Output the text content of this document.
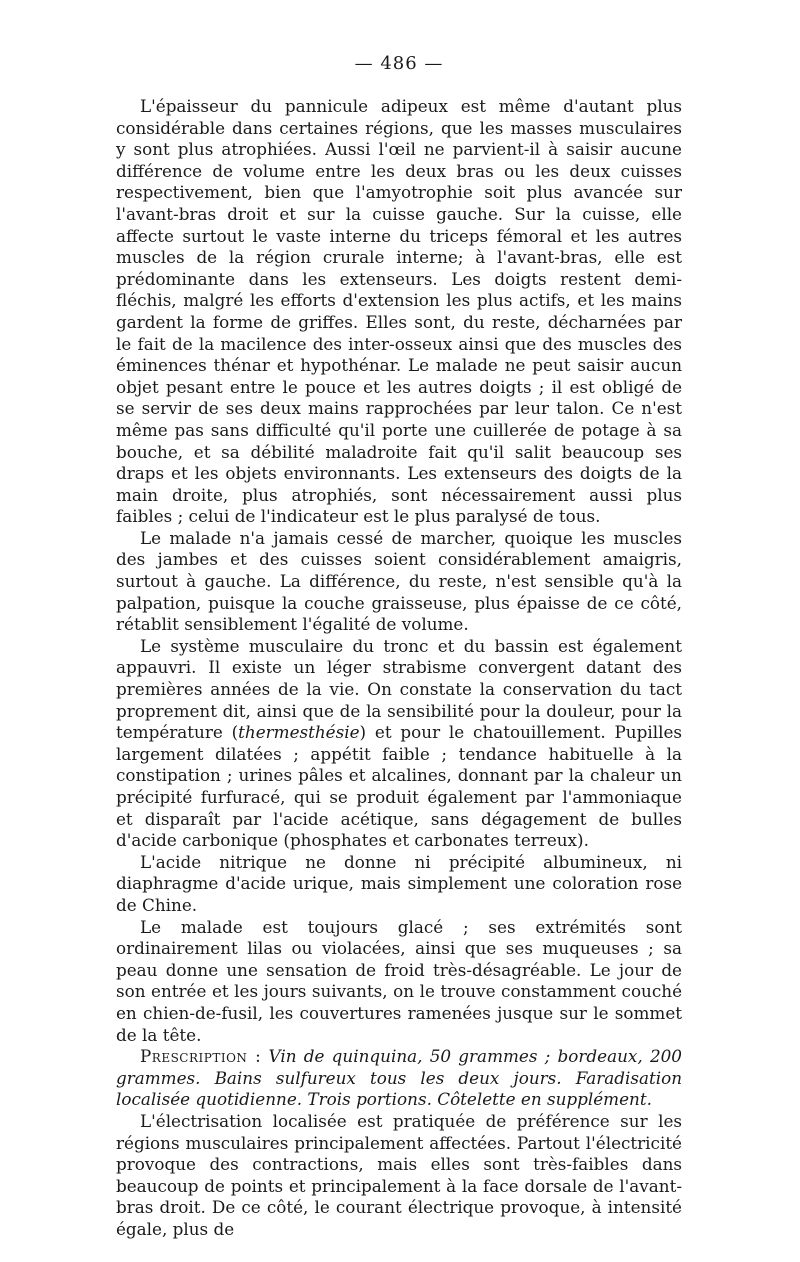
— 486 —

L'épaisseur du pannicule adipeux est même d'autant plus considérable dans certaines régions, que les masses musculaires y sont plus atrophiées. Aussi l'œil ne parvient-il à saisir aucune différence de volume entre les deux bras ou les deux cuisses respectivement, bien que l'amyotrophie soit plus avancée sur l'avant-bras droit et sur la cuisse gauche. Sur la cuisse, elle affecte surtout le vaste interne du triceps fémoral et les autres muscles de la région crurale interne; à l'avant-bras, elle est prédominante dans les extenseurs. Les doigts restent demi-fléchis, malgré les efforts d'extension les plus actifs, et les mains gardent la forme de griffes. Elles sont, du reste, décharnées par le fait de la macilence des inter-osseux ainsi que des muscles des éminences thénar et hypothénar. Le malade ne peut saisir aucun objet pesant entre le pouce et les autres doigts ; il est obligé de se servir de ses deux mains rapprochées par leur talon. Ce n'est même pas sans difficulté qu'il porte une cuillerée de potage à sa bouche, et sa débilité maladroite fait qu'il salit beaucoup ses draps et les objets environnants. Les extenseurs des doigts de la main droite, plus atrophiés, sont nécessairement aussi plus faibles ; celui de l'indicateur est le plus paralysé de tous.

Le malade n'a jamais cessé de marcher, quoique les muscles des jambes et des cuisses soient considérablement amaigris, surtout à gauche. La différence, du reste, n'est sensible qu'à la palpation, puisque la couche graisseuse, plus épaisse de ce côté, rétablit sensiblement l'égalité de volume.

Le système musculaire du tronc et du bassin est également appauvri. Il existe un léger strabisme convergent datant des premières années de la vie. On constate la conservation du tact proprement dit, ainsi que de la sensibilité pour la douleur, pour la température (thermesthésie) et pour le chatouillement. Pupilles largement dilatées ; appétit faible ; tendance habituelle à la constipation ; urines pâles et alcalines, donnant par la chaleur un précipité furfuracé, qui se produit également par l'ammoniaque et disparaît par l'acide acétique, sans dégagement de bulles d'acide carbonique (phosphates et carbonates terreux).

L'acide nitrique ne donne ni précipité albumineux, ni diaphragme d'acide urique, mais simplement une coloration rose de Chine.

Le malade est toujours glacé ; ses extrémités sont ordinairement lilas ou violacées, ainsi que ses muqueuses ; sa peau donne une sensation de froid très-désagréable. Le jour de son entrée et les jours suivants, on le trouve constamment couché en chien-de-fusil, les couvertures ramenées jusque sur le sommet de la tête.

Prescription : Vin de quinquina, 50 grammes ; bordeaux, 200 grammes. Bains sulfureux tous les deux jours. Faradisation localisée quotidienne. Trois portions. Côtelette en supplément.

L'électrisation localisée est pratiquée de préférence sur les régions musculaires principalement affectées. Partout l'électricité provoque des contractions, mais elles sont très-faibles dans beaucoup de points et principalement à la face dorsale de l'avant-bras droit. De ce côté, le courant électrique provoque, à intensité égale, plus de
